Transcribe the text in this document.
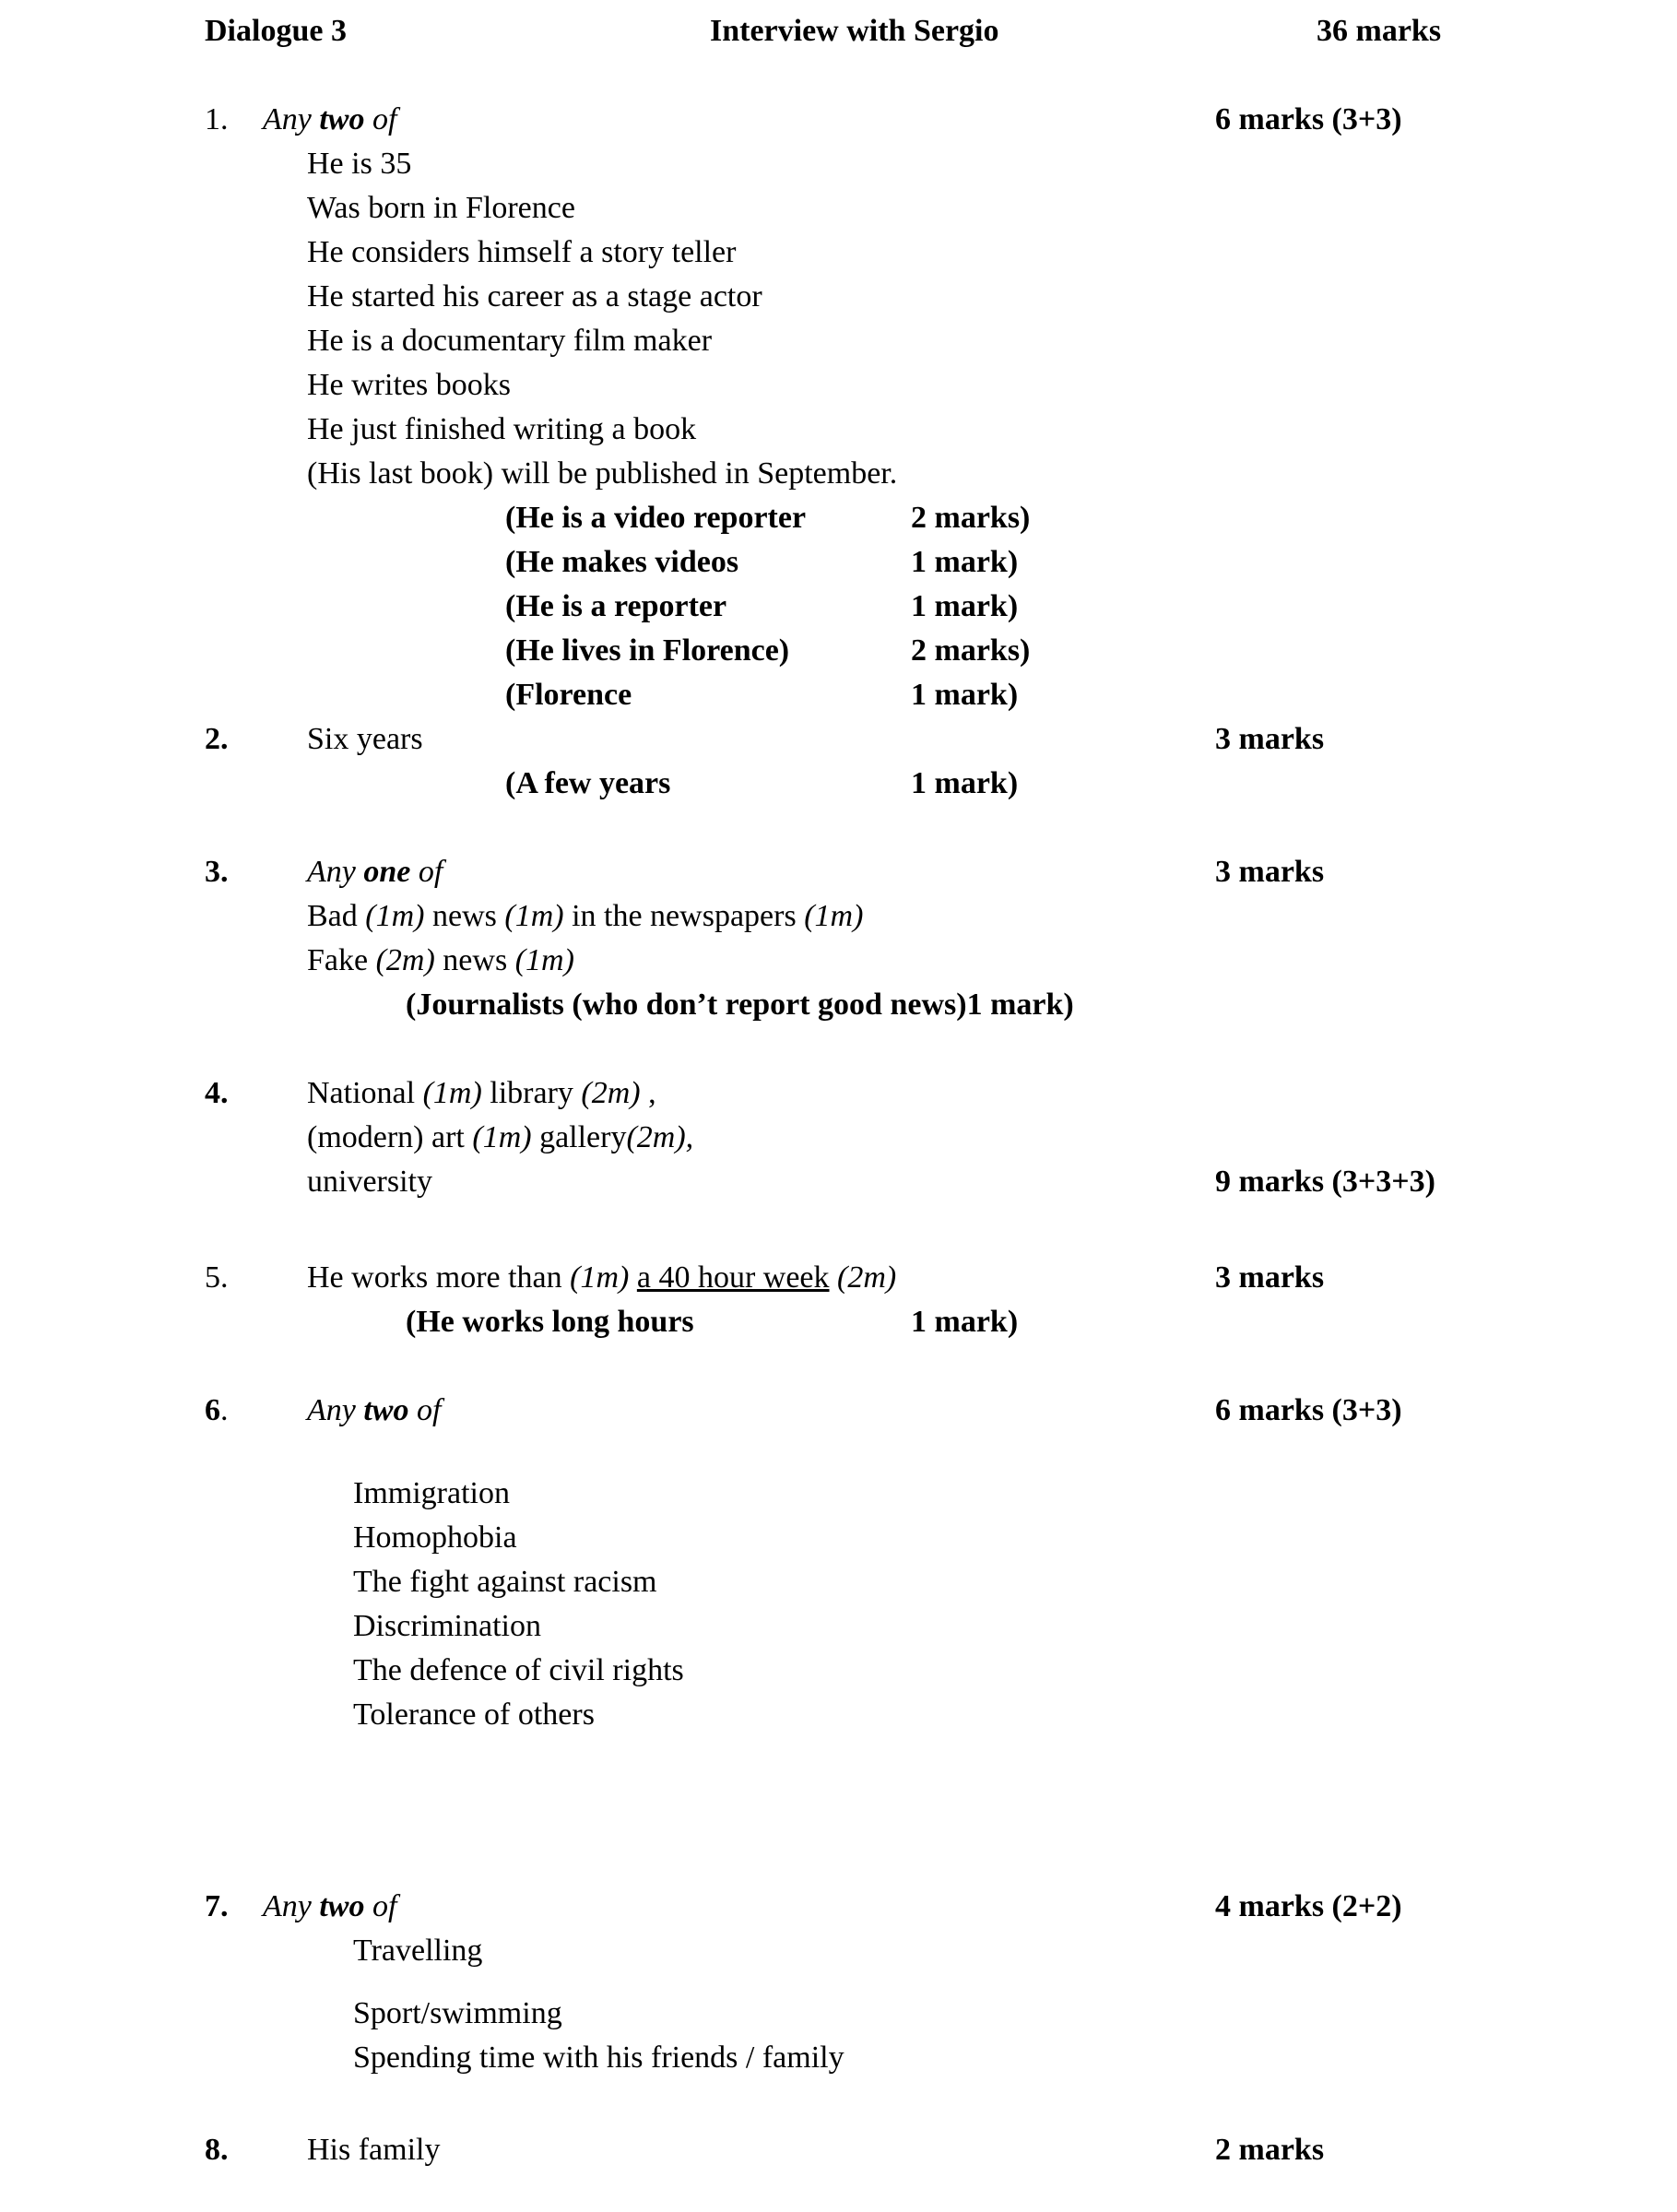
Dialogue 3	Interview with Sergio	36 marks
1. Any two of	6 marks (3+3)
He is 35
Was born in Florence
He considers himself a story teller
He started his career as a stage actor
He is a documentary film maker
He writes books
He just finished writing a book
(His last book) will be published in September.
(He is a video reporter	2 marks)
(He makes videos	1 mark)
(He is a reporter	1 mark)
(He lives in Florence)	2 marks)
(Florence	1 mark)
2.	Six years	3 marks
(A few years	1 mark)
3.	Any one of	3 marks
Bad (1m) news (1m) in the newspapers (1m)
Fake (2m) news (1m)
(Journalists (who don’t report good news)1 mark)
4.	National (1m) library (2m) ,
(modern) art (1m) gallery(2m),
university	9 marks (3+3+3)
5.	He works more than (1m) a 40 hour week (2m)	3 marks
(He works long hours	1 mark)
6.	Any two of	6 marks (3+3)
Immigration
Homophobia
The fight against racism
Discrimination
The defence of civil rights
Tolerance of others
7. Any two of	4 marks (2+2)
Travelling
Sport/swimming
Spending time with his friends / family
8.	His family	2 marks
